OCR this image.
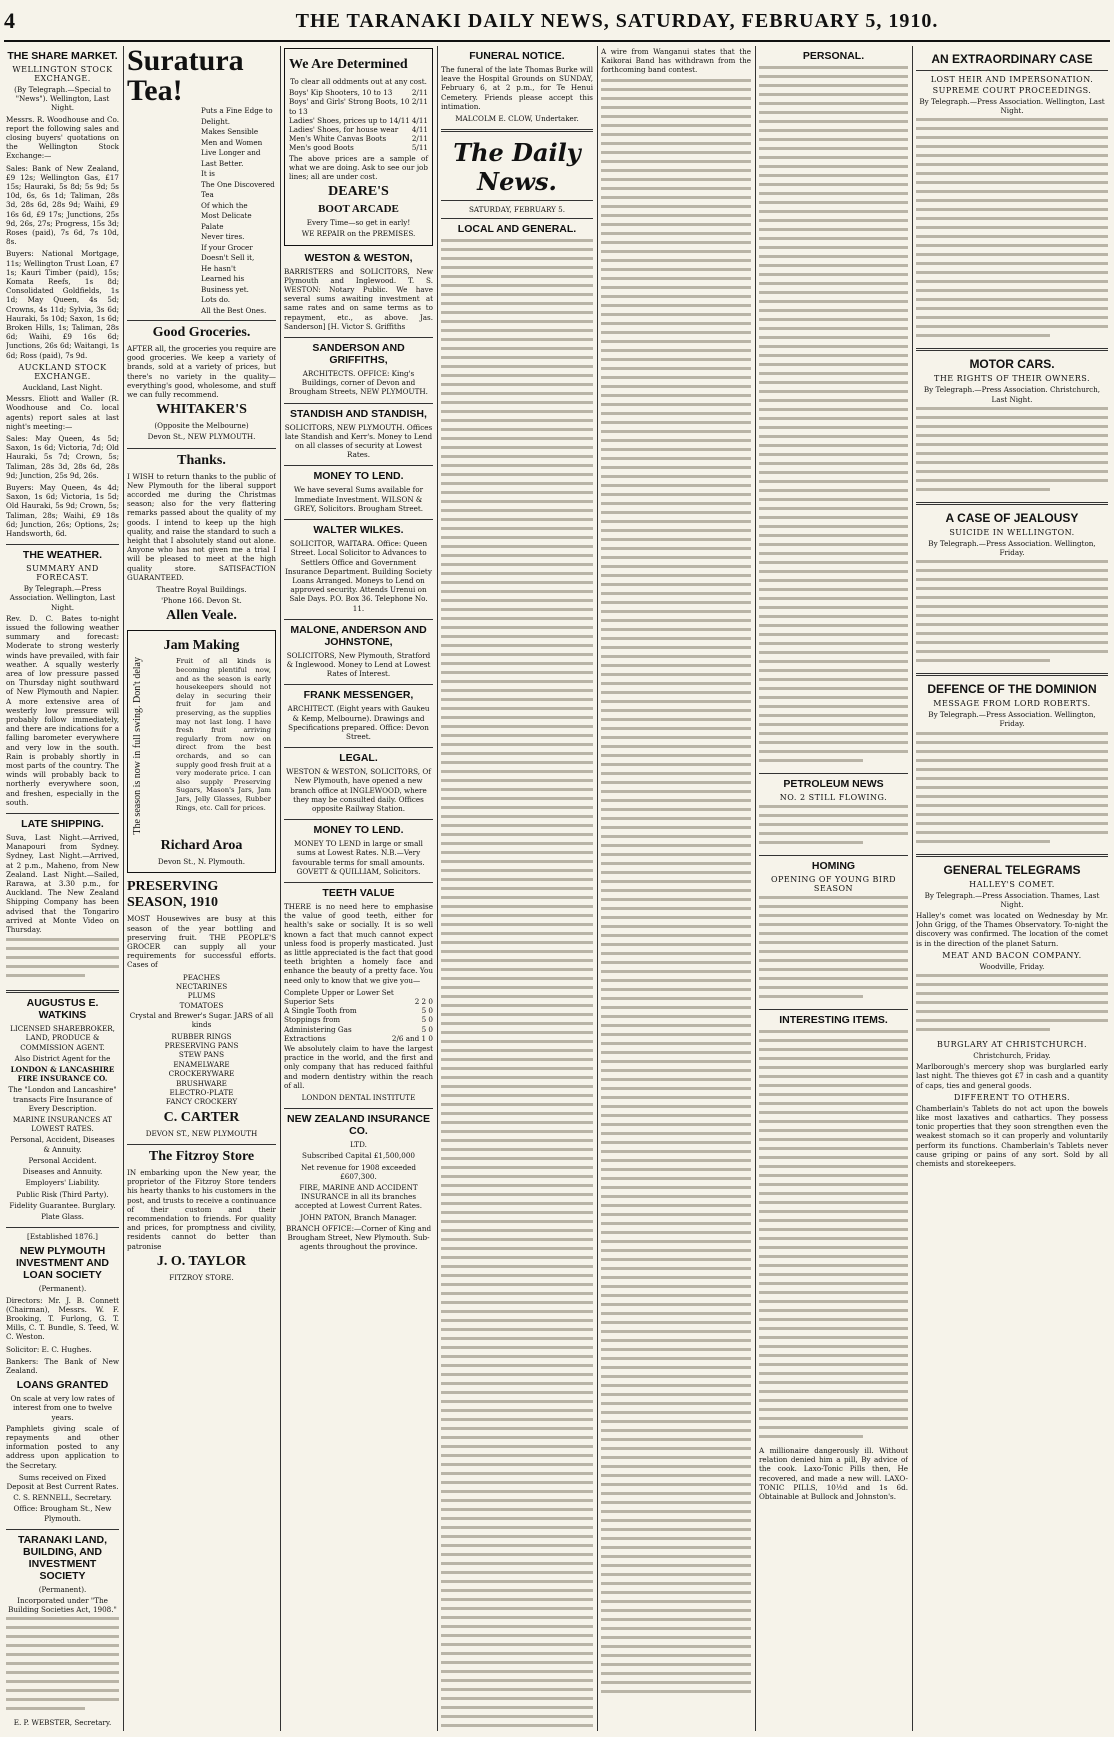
4	THE TARANAKI DAILY NEWS, SATURDAY, FEBRUARY 5, 1910.
THE SHARE MARKET.
WELLINGTON STOCK EXCHANGE.
(By Telegraph.—Special to "News"). Wellington, Last Night.
Messrs. R. Woodhouse and Co. report the following sales and closing buyers' quotations on the Wellington Stock Exchange:—
Sales: Bank of New Zealand, £9 12s; Wellington Gas, £17 15s; Hauraki, 5s 8d; 5s 9d; 5s 10d, 6s, 6s 1d; Taliman, 28s 3d, 28s 6d, 28s 9d; Waihi, £9 16s 6d, £9 17s; Junctions, 25s 9d, 26s, 27s; Progress, 15s 3d; Roses (paid), 7s 6d, 7s 10d, 8s.
Buyers: National Mortgage, 11s; Wellington Trust Loan, £7 1s; Kauri Timber (paid), 15s; Komata Reefs, 1s 8d; Consolidated Goldfields, 1s 1d; May Queen, 4s 5d; Crowns, 4s 11d; Sylvia, 3s 6d; Hauraki, 5s 10d; Saxon, 1s 6d; Broken Hills, 1s; Taliman, 28s 6d; Waihi, £9 16s 6d; Junctions, 26s 6d; Waitangi, 1s 6d; Ross (paid), 7s 9d.
AUCKLAND STOCK EXCHANGE.
Auckland, Last Night.
Messrs. Eliott and Waller (R. Woodhouse and Co. local agents) report sales at last night's meeting:—
Sales: May Queen, 4s 5d; Saxon, 1s 6d; Victoria, 7d; Old Hauraki, 5s 7d; Crown, 5s; Taliman, 28s 3d, 28s 6d, 28s 9d; Junction, 25s 9d, 26s.
Buyers: May Queen, 4s 4d; Saxon, 1s 6d; Victoria, 1s 5d; Old Hauraki, 5s 9d; Crown, 5s; Taliman, 28s; Waihi, £9 18s 6d; Junction, 26s; Options, 2s; Handsworth, 6d.
THE WEATHER.
SUMMARY AND FORECAST.
By Telegraph.—Press Association. Wellington, Last Night.
Rev. D. C. Bates to-night issued the following weather summary and forecast: Moderate to strong westerly winds have prevailed, with fair weather. A squally westerly area of low pressure passed on Thursday night southward of New Plymouth and Napier. A more extensive area of westerly low pressure will probably follow immediately, and there are indications for a falling barometer everywhere and very low in the south. Rain is probably shortly in most parts of the country. The winds will probably back to northerly everywhere soon, and freshen, especially in the south.
LATE SHIPPING.
Suva, Last Night.—Arrived, Manapouri from Sydney. Sydney, Last Night.—Arrived, at 2 p.m., Maheno, from New Zealand. Last Night.—Sailed, Rarawa, at 3.30 p.m., for Auckland. The New Zealand Shipping Company has been advised that the Tongariro arrived at Monte Video on Thursday.
AUGUSTUS E. WATKINS
LICENSED SHAREBROKER, LAND, PRODUCE & COMMISSION AGENT.
Also District Agent for the
LONDON & LANCASHIRE FIRE INSURANCE CO.
The "London and Lancashire" transacts Fire Insurance of Every Description.
MARINE INSURANCES AT LOWEST RATES.
Personal, Accident, Diseases & Annuity.
Personal Accident.
Diseases and Annuity.
Employers' Liability.
Public Risk (Third Party).
Fidelity Guarantee. Burglary.
Plate Glass.
[Established 1876.]
NEW PLYMOUTH INVESTMENT AND LOAN SOCIETY
(Permanent).
Directors: Mr. J. B. Connett (Chairman), Messrs. W. F. Brooking, T. Furlong, G. T. Mills, C. T. Bundle, S. Teed, W. C. Weston.
Solicitor: E. C. Hughes.
Bankers: The Bank of New Zealand.
LOANS GRANTED
On scale at very low rates of interest from one to twelve years.
Pamphlets giving scale of repayments and other information posted to any address upon application to the Secretary.
Sums received on Fixed Deposit at Best Current Rates.
C. S. RENNELL, Secretary.
Office: Brougham St., New Plymouth.
TARANAKI LAND, BUILDING, AND INVESTMENT SOCIETY
(Permanent).
Incorporated under "The Building Societies Act, 1908."
E. P. WEBSTER, Secretary.
Suratura Tea!
Puts a Fine Edge to Delight.
Makes Sensible
Men and Women
Live Longer and
Last Better.
It is
The One Discovered Tea
Of which the
Most Delicate Palate
Never tires.
If your Grocer
Doesn't Sell it,
He hasn't
Learned his Business yet.
Lots do.
All the Best Ones.
Good Groceries.
AFTER all, the groceries you require are good groceries. We keep a variety of brands, sold at a variety of prices, but there's no variety in the quality—everything's good, wholesome, and stuff we can fully recommend.
WHITAKER'S
(Opposite the Melbourne)
Devon St., NEW PLYMOUTH.
Thanks.
I WISH to return thanks to the public of New Plymouth for the liberal support accorded me during the Christmas season; also for the very flattering remarks passed about the quality of my goods. I intend to keep up the high quality, and raise the standard to such a height that I absolutely stand out alone. Anyone who has not given me a trial I will be pleased to meet at the high quality store. SATISFACTION GUARANTEED.
Theatre Royal Buildings.
'Phone 166. Devon St.
Allen Veale.
Jam Making
The season is now in full swing. Don't delay	Fruit of all kinds is becoming plentiful now, and as the season is early housekeepers should not delay in securing their fruit for jam and preserving, as the supplies may not last long. I have fresh fruit arriving regularly from now on direct from the best orchards, and so can supply good fresh fruit at a very moderate price. I can also supply Preserving Sugars, Mason's Jars, Jam Jars, Jelly Glasses, Rubber Rings, etc. Call for prices.
Richard Aroa
Devon St., N. Plymouth.
PRESERVING SEASON, 1910
MOST Housewives are busy at this season of the year bottling and preserving fruit. THE PEOPLE'S GROCER can supply all your requirements for successful efforts. Cases of
PEACHES
NECTARINES
PLUMS
TOMATOES
Crystal and Brewer's Sugar. JARS of all kinds
RUBBER RINGS
PRESERVING PANS
STEW PANS
ENAMELWARE
CROCKERYWARE
BRUSHWARE
ELECTRO-PLATE
FANCY CROCKERY
C. CARTER
DEVON ST., NEW PLYMOUTH
The Fitzroy Store
IN embarking upon the New year, the proprietor of the Fitzroy Store tenders his hearty thanks to his customers in the post, and trusts to receive a continuance of their custom and their recommendation to friends. For quality and prices, for promptness and civility, residents cannot do better than patronise
J. O. TAYLOR
FITZROY STORE.
We Are Determined
To clear all oddments out at any cost.
Boys' Kip Shooters, 10 to 13	2/11
Boys' and Girls' Strong Boots, 10 to 13
2/11
Ladies' Shoes, prices up to 14/11 4/11
Ladies' Shoes, for house wear 4/11
Men's White Canvas Boots	2/11
Men's good Boots	5/11
The above prices are a sample of what we are doing. Ask to see our job lines; all are under cost.
DEARE'S
BOOT ARCADE
Every Time—so get in early!
WE REPAIR on the PREMISES.
WESTON & WESTON,
BARRISTERS and SOLICITORS, New Plymouth and Inglewood. T. S. WESTON: Notary Public. We have several sums awaiting investment at same rates and on same terms as to repayment, etc., as above. Jas. Sanderson] [H. Victor S. Griffiths
SANDERSON AND GRIFFITHS,
ARCHITECTS. OFFICE: King's Buildings, corner of Devon and Brougham Streets, NEW PLYMOUTH.
STANDISH AND STANDISH,
SOLICITORS, NEW PLYMOUTH. Offices late Standish and Kerr's. Money to Lend on all classes of security at Lowest Rates.
MONEY TO LEND.
We have several Sums available for Immediate Investment. WILSON & GREY, Solicitors. Brougham Street.
WALTER WILKES.
SOLICITOR, WAITARA. Office: Queen Street. Local Solicitor to Advances to Settlers Office and Government Insurance Department. Building Society Loans Arranged. Moneys to Lend on approved security. Attends Urenui on Sale Days. P.O. Box 36. Telephone No. 11.
MALONE, ANDERSON AND JOHNSTONE,
SOLICITORS, New Plymouth, Stratford & Inglewood. Money to Lend at Lowest Rates of Interest.
FRANK MESSENGER,
ARCHITECT. (Eight years with Gaukeu & Kemp, Melbourne). Drawings and Specifications prepared. Office: Devon Street.
LEGAL.
WESTON & WESTON, SOLICITORS, Of New Plymouth, have opened a new branch office at INGLEWOOD, where they may be consulted daily. Offices opposite Railway Station.
MONEY TO LEND.
MONEY TO LEND in large or small sums at Lowest Rates. N.B.—Very favourable terms for small amounts. GOVETT & QUILLIAM, Solicitors.
TEETH VALUE
THERE is no need here to emphasise the value of good teeth, either for health's sake or socially. It is so well known a fact that much cannot expect unless food is properly masticated. Just as little appreciated is the fact that good teeth brighten a homely face and enhance the beauty of a pretty face. You need only to know that we give you—
Complete Upper or Lower Set
Superior Sets	2 2 0
A Single Tooth from	5 0
Stoppings from	5 0
Administering Gas	5 0
Extractions	2/6 and 1 0
We absolutely claim to have the largest practice in the world, and the first and only company that has reduced faithful and modern dentistry within the reach of all.
LONDON DENTAL INSTITUTE
NEW ZEALAND INSURANCE CO.
LTD.
Subscribed Capital £1,500,000
Net revenue for 1908 exceeded £607,300.
FIRE, MARINE AND ACCIDENT INSURANCE in all its branches accepted at Lowest Current Rates.
JOHN PATON, Branch Manager.
BRANCH OFFICE:—Corner of King and Brougham Street, New Plymouth. Sub-agents throughout the province.
FUNERAL NOTICE.
The funeral of the late Thomas Burke will leave the Hospital Grounds on SUNDAY, February 6, at 2 p.m., for Te Henui Cemetery. Friends please accept this intimation.
MALCOLM E. CLOW, Undertaker.
The Daily News.
SATURDAY, FEBRUARY 5.
LOCAL AND GENERAL.
A wire from Wanganui states that the Kaikorai Band has withdrawn from the forthcoming band contest.
PERSONAL.
PETROLEUM NEWS
NO. 2 STILL FLOWING.
HOMING
OPENING OF YOUNG BIRD SEASON
INTERESTING ITEMS.
A millionaire dangerously ill. Without relation denied him a pill, By advice of the cook. Laxo-Tonic Pills then, He recovered, and made a new will. LAXO-TONIC PILLS, 10½d and 1s 6d. Obtainable at Bullock and Johnston's.
AN EXTRAORDINARY CASE
LOST HEIR AND IMPERSONATION.
SUPREME COURT PROCEEDINGS.
By Telegraph.—Press Association. Wellington, Last Night.
MOTOR CARS.
THE RIGHTS OF THEIR OWNERS.
By Telegraph.—Press Association. Christchurch, Last Night.
A CASE OF JEALOUSY
SUICIDE IN WELLINGTON.
By Telegraph.—Press Association. Wellington, Friday.
DEFENCE OF THE DOMINION
MESSAGE FROM LORD ROBERTS.
By Telegraph.—Press Association. Wellington, Friday.
GENERAL TELEGRAMS
HALLEY'S COMET.
By Telegraph.—Press Association. Thames, Last Night.
Halley's comet was located on Wednesday by Mr. John Grigg, of the Thames Observatory. To-night the discovery was confirmed. The location of the comet is in the direction of the planet Saturn.
MEAT AND BACON COMPANY.
Woodville, Friday.
BURGLARY AT CHRISTCHURCH.
Christchurch, Friday.
Marlborough's mercery shop was burglarled early last night. The thieves got £7 in cash and a quantity of caps, ties and general goods.
DIFFERENT TO OTHERS.
Chamberlain's Tablets do not act upon the bowels like most laxatives and cathartics. They possess tonic properties that they soon strengthen even the weakest stomach so it can properly and voluntarily perform its functions. Chamberlain's Tablets never cause griping or pains of any sort. Sold by all chemists and storekeepers.
